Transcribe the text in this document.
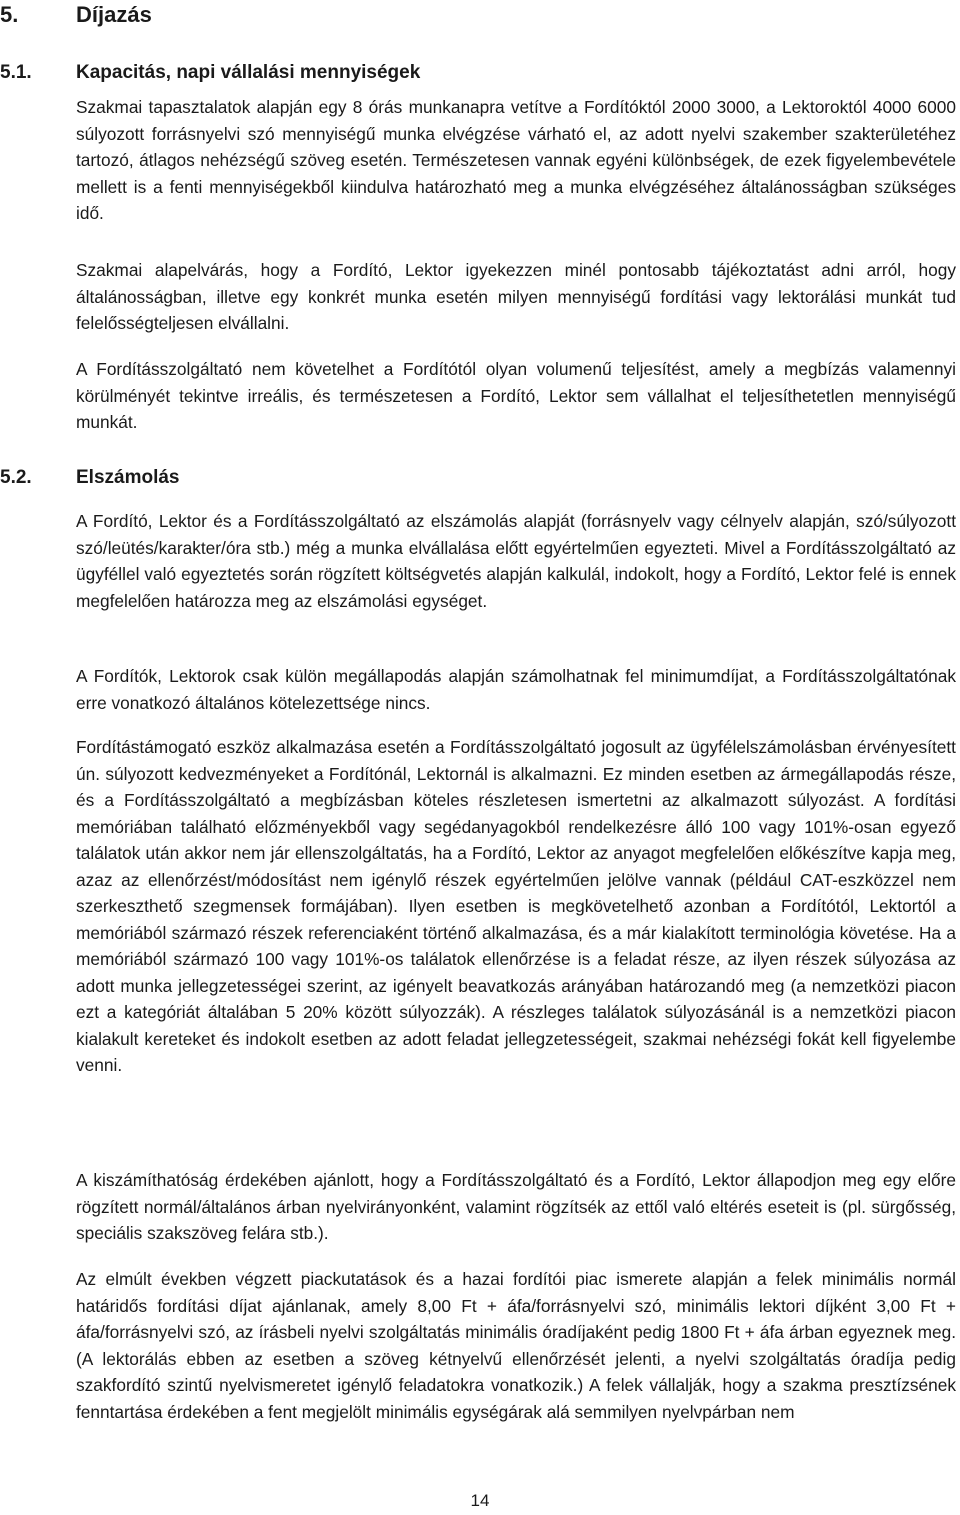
5.	Díjazás
5.1. Kapacitás, napi vállalási mennyiségek

Szakmai tapasztalatok alapján egy 8 órás munkanapra vetítve a Fordítóktól 2000 3000, a Lektoroktól 4000 6000 súlyozott forrásnyelvi szó mennyiségű munka elvégzése várható el, az adott nyelvi szakember szakterületéhez tartozó, átlagos nehézségű szöveg esetén. Természetesen vannak egyéni különbségek, de ezek figyelembevétele mellett is a fenti mennyiségekből kiindulva határozható meg a munka elvégzéséhez általánosságban szükséges idő.

Szakmai alapelvárás, hogy a Fordító, Lektor igyekezzen minél pontosabb tájékoztatást adni arról, hogy általánosságban, illetve egy konkrét munka esetén milyen mennyiségű fordítási vagy lektorálási munkát tud felelősségteljesen elvállalni.

A Fordításszolgáltató nem követelhet a Fordítótól olyan volumenű teljesítést, amely a megbízás valamennyi körülményét tekintve irreális, és természetesen a Fordító, Lektor sem vállalhat el teljesíthetetlen mennyiségű munkát.

5.2. Elszámolás

A Fordító, Lektor és a Fordításszolgáltató az elszámolás alapját (forrásnyelv vagy célnyelv alapján, szó/súlyozott szó/leütés/karakter/óra stb.) még a munka elvállalása előtt egyértelműen egyezteti. Mivel a Fordításszolgáltató az ügyféllel való egyeztetés során rögzített költségvetés alapján kalkulál, indokolt, hogy a Fordító, Lektor felé is ennek megfelelően határozza meg az elszámolási egységet.

A Fordítók, Lektorok csak külön megállapodás alapján számolhatnak fel minimumdíjat, a Fordításszolgáltatónak erre vonatkozó általános kötelezettsége nincs.

Fordítástámogató eszköz alkalmazása esetén a Fordításszolgáltató jogosult az ügyfélelszámolásban érvényesített ún. súlyozott kedvezményeket a Fordítónál, Lektornál is alkalmazni. Ez minden esetben az ármegállapodás része, és a Fordításszolgáltató a megbízásban köteles részletesen ismertetni az alkalmazott súlyozást. A fordítási memóriában található előzményekből vagy segédanyagokból rendelkezésre álló 100 vagy 101%-osan egyező találatok után akkor nem jár ellenszolgáltatás, ha a Fordító, Lektor az anyagot megfelelően előkészítve kapja meg, azaz az ellenőrzést/módosítást nem igénylő részek egyértelműen jelölve vannak (például CAT-eszközzel nem szerkeszthető szegmensek formájában). Ilyen esetben is megkövetelhető azonban a Fordítótól, Lektortól a memóriából származó részek referenciaként történő alkalmazása, és a már kialakított terminológia követése. Ha a memóriából származó 100 vagy 101%-os találatok ellenőrzése is a feladat része, az ilyen részek súlyozása az adott munka jellegzetességei szerint, az igényelt beavatkozás arányában határozandó meg (a nemzetközi piacon ezt a kategóriát általában 5 20% között súlyozzák). A részleges találatok súlyozásánál is a nemzetközi piacon kialakult kereteket és indokolt esetben az adott feladat jellegzetességeit, szakmai nehézségi fokát kell figyelembe venni.

A kiszámíthatóság érdekében ajánlott, hogy a Fordításszolgáltató és a Fordító, Lektor állapodjon meg egy előre rögzített normál/általános árban nyelvirányonként, valamint rögzítsék az ettől való eltérés eseteit is (pl. sürgősség, speciális szakszöveg felára stb.).

Az elmúlt években végzett piackutatások és a hazai fordítói piac ismerete alapján a felek minimális normál határidős fordítási díjat ajánlanak, amely 8,00 Ft + áfa/forrásnyelvi szó, minimális lektori díjként 3,00 Ft + áfa/forrásnyelvi szó, az írásbeli nyelvi szolgáltatás minimális óradíjaként pedig 1800 Ft + áfa árban egyeznek meg. (A lektorálás ebben az esetben a szöveg kétnyelvű ellenőrzését jelenti, a nyelvi szolgáltatás óradíja pedig szakfordító szintű nyelvismeretet igénylő feladatokra vonatkozik.) A felek vállalják, hogy a szakma presztízsének fenntartása érdekében a fent megjelölt minimális egységárak alá semmilyen nyelvpárban nem

14
